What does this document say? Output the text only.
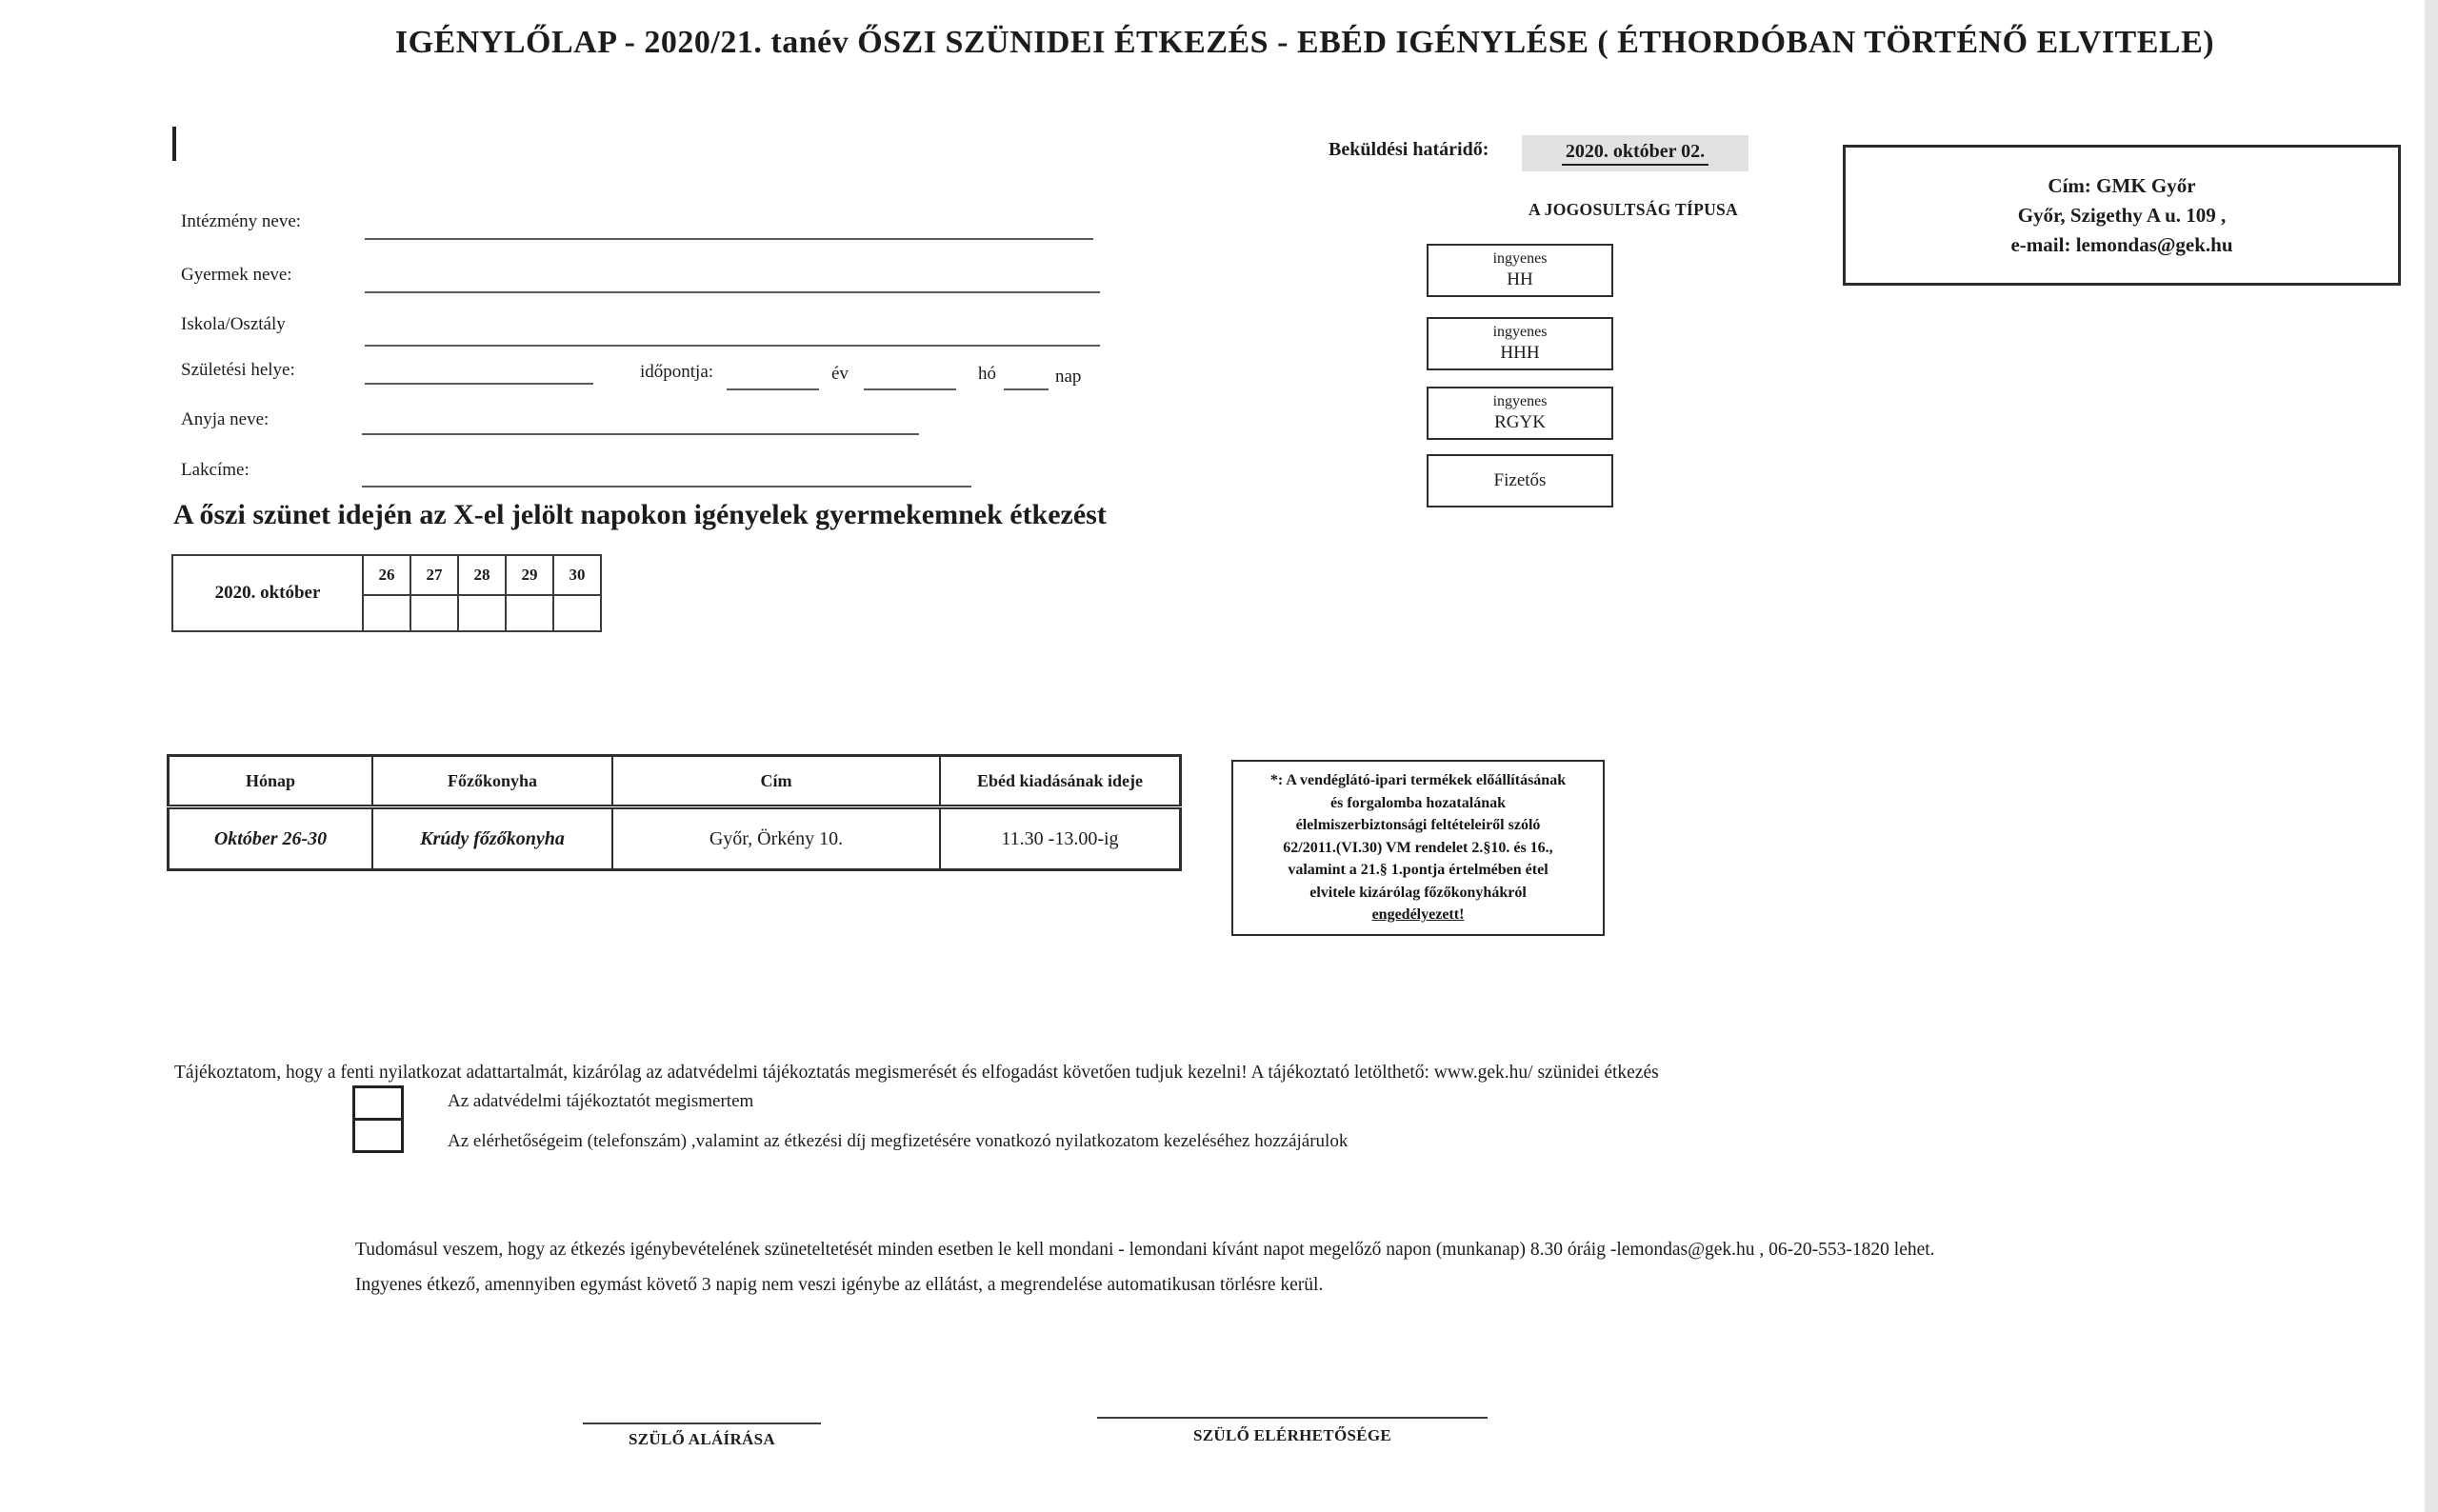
IGÉNYLŐLAP - 2020/21. tanév ŐSZI SZÜNIDEI ÉTKEZÉS - EBÉD IGÉNYLÉSE ( ÉTHORDÓBAN TÖRTÉNŐ ELVITELE)
Intézmény neve:
Gyermek neve:
Iskola/Osztály
Születési helye:	időpontja:	év	hó	nap
Anyja neve:
Lakcíme:
Beküldési határidő:	2020. október 02.
A JOGOSULTSÁG TÍPUSA
ingyenes
HH
ingyenes
HHH
ingyenes
RGYK
Fizetős
Cím: GMK Győr
Győr, Szigethy A u. 109 ,
e-mail: lemondas@gek.hu
A őszi szünet idején az X-el jelölt napokon igényelek gyermekemnek étkezést
2020. október	26	27	28	29	30

Hónap	Főzőkonyha	Cím	Ebéd kiadásának ideje
Október 26-30	Krúdy főzőkonyha	Győr, Örkény 10.	11.30 -13.00-ig
*: A vendéglátó-ipari termékek előállításának
és forgalomba hozatalának
élelmiszerbiztonsági feltételeiről szóló
62/2011.(VI.30) VM rendelet 2.§10. és 16.,
valamint a 21.§ 1.pontja értelmében étel
elvitele kizárólag főzőkonyhákról
engedélyezett!
Tájékoztatom, hogy a fenti nyilatkozat adattartalmát, kizárólag az adatvédelmi tájékoztatás megismerését és elfogadást követően tudjuk kezelni! A tájékoztató letölthető: www.gek.hu/ szünidei étkezés
Az adatvédelmi tájékoztatót megismertem
Az elérhetőségeim (telefonszám) ,valamint az étkezési díj megfizetésére vonatkozó nyilatkozatom kezeléséhez hozzájárulok
Tudomásul veszem, hogy az étkezés igénybevételének szüneteltetését minden esetben le kell mondani - lemondani kívánt napot megelőző napon (munkanap) 8.30 óráig -lemondas@gek.hu , 06-20-553-1820 lehet.
Ingyenes étkező, amennyiben egymást követő 3 napig nem veszi igénybe az ellátást, a megrendelése automatikusan törlésre kerül.
SZÜLŐ ALÁÍRÁSA	SZÜLŐ ELÉRHETŐSÉGE
